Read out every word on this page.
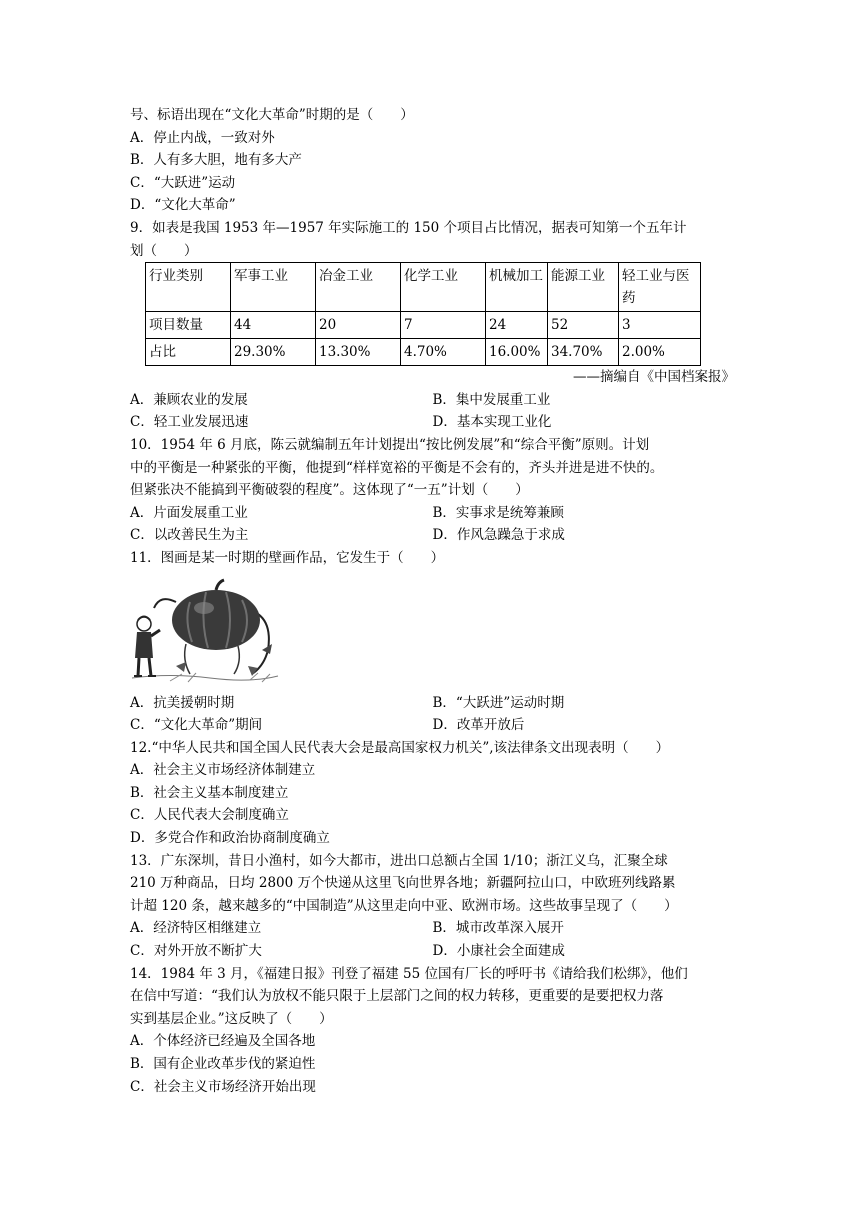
号、标语出现在“文化大革命”时期的是（　　）
A．停止内战，一致对外
B．人有多大胆，地有多大产
C．“大跃进”运动
D．“文化大革命”
9．如表是我国 1953 年—1957 年实际施工的 150 个项目占比情况，据表可知第一个五年计
划（　　）
行业类别	军事工业	冶金工业	化学工业	机械加工	能源工业	轻工业与医药
项目数量	44	20	7	24	52	3
占比	29.30%	13.30%	4.70%	16.00%	34.70%	2.00%
——摘编自《中国档案报》
A．兼顾农业的发展	B．集中发展重工业
C．轻工业发展迅速	D．基本实现工业化
10．1954 年 6 月底，陈云就编制五年计划提出“按比例发展”和“综合平衡”原则。计划
中的平衡是一种紧张的平衡，他提到“样样宽裕的平衡是不会有的，齐头并进是进不快的。
但紧张决不能搞到平衡破裂的程度”。这体现了“一五”计划（　　）
A．片面发展重工业	B．实事求是统筹兼顾
C．以改善民生为主	D．作风急躁急于求成
11．图画是某一时期的壁画作品，它发生于（　　）
A．抗美援朝时期	B．“大跃进”运动时期
C．“文化大革命”期间	D．改革开放后
12.“中华人民共和国全国人民代表大会是最高国家权力机关”,该法律条文出现表明（　　）
A．社会主义市场经济体制建立
B．社会主义基本制度建立
C．人民代表大会制度确立
D．多党合作和政治协商制度确立
13．广东深圳，昔日小渔村，如今大都市，进出口总额占全国 1/10；浙江义乌，汇聚全球
210 万种商品，日均 2800 万个快递从这里飞向世界各地；新疆阿拉山口，中欧班列线路累
计超 120 条，越来越多的“中国制造”从这里走向中亚、欧洲市场。这些故事呈现了（　　）
A．经济特区相继建立	B．城市改革深入展开
C．对外开放不断扩大	D．小康社会全面建成
14．1984 年 3 月，《福建日报》刊登了福建 55 位国有厂长的呼吁书《请给我们松绑》，他们
在信中写道：“我们认为放权不能只限于上层部门之间的权力转移，更重要的是要把权力落
实到基层企业。”这反映了（　　）
A．个体经济已经遍及全国各地
B．国有企业改革步伐的紧迫性
C．社会主义市场经济开始出现
